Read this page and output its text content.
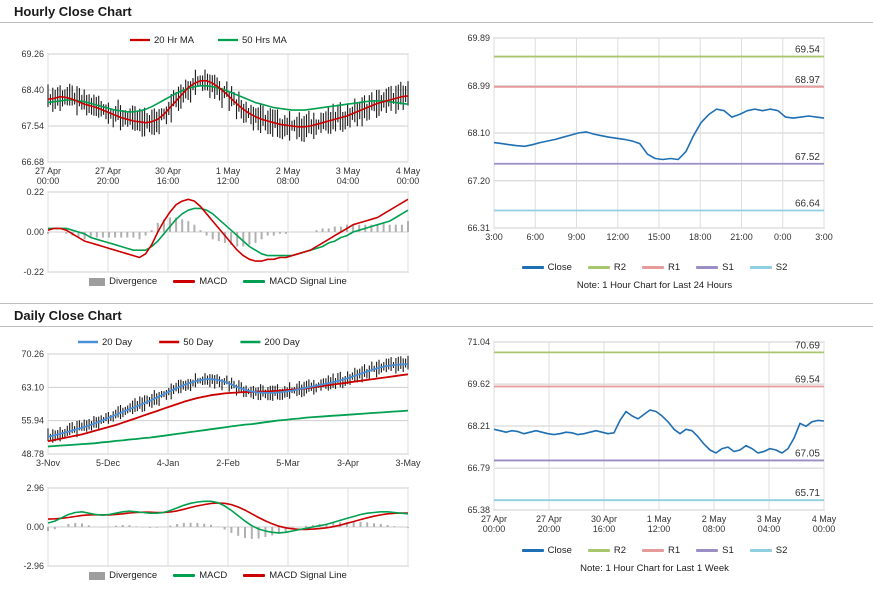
Hourly Close Chart
66.68
67.54
68.40
69.26
27 Apr
00:00
27 Apr
20:00
30 Apr
16:00
1 May
12:00
2 May
08:00
3 May
04:00
4 May
00:00
20 Hr MA	50 Hrs MA
-0.22
0.00
0.22
66.31
67.20
68.10
68.99
69.89
69.54
68.97
67.52
66.64
3:00	6:00	9:00 12:00 15:00 18:00 21:00 0:00	3:00
Close	R2	R1	S1	S2
Note: 1 Hour Chart for Last 24 Hours
Divergence	MACD	MACD Signal Line
Daily Close Chart
48.78
55.94
63.10
70.26
3-Nov	5-Dec	4-Jan	2-Feb	5-Mar	3-Apr	3-May
20 Day	50 Day	200 Day
-2.96
0.00
2.96
Divergence	MACD	MACD Signal Line
65.38
66.79
68.21
69.62
71.04	70.69
69.54
67.05
65.71
27 Apr
00:00
27 Apr
20:00
30 Apr
16:00
1 May
12:00
2 May
08:00
3 May
04:00
4 May
00:00
Close	R2	R1	S1	S2
Note: 1 Hour Chart for Last 1 Week
